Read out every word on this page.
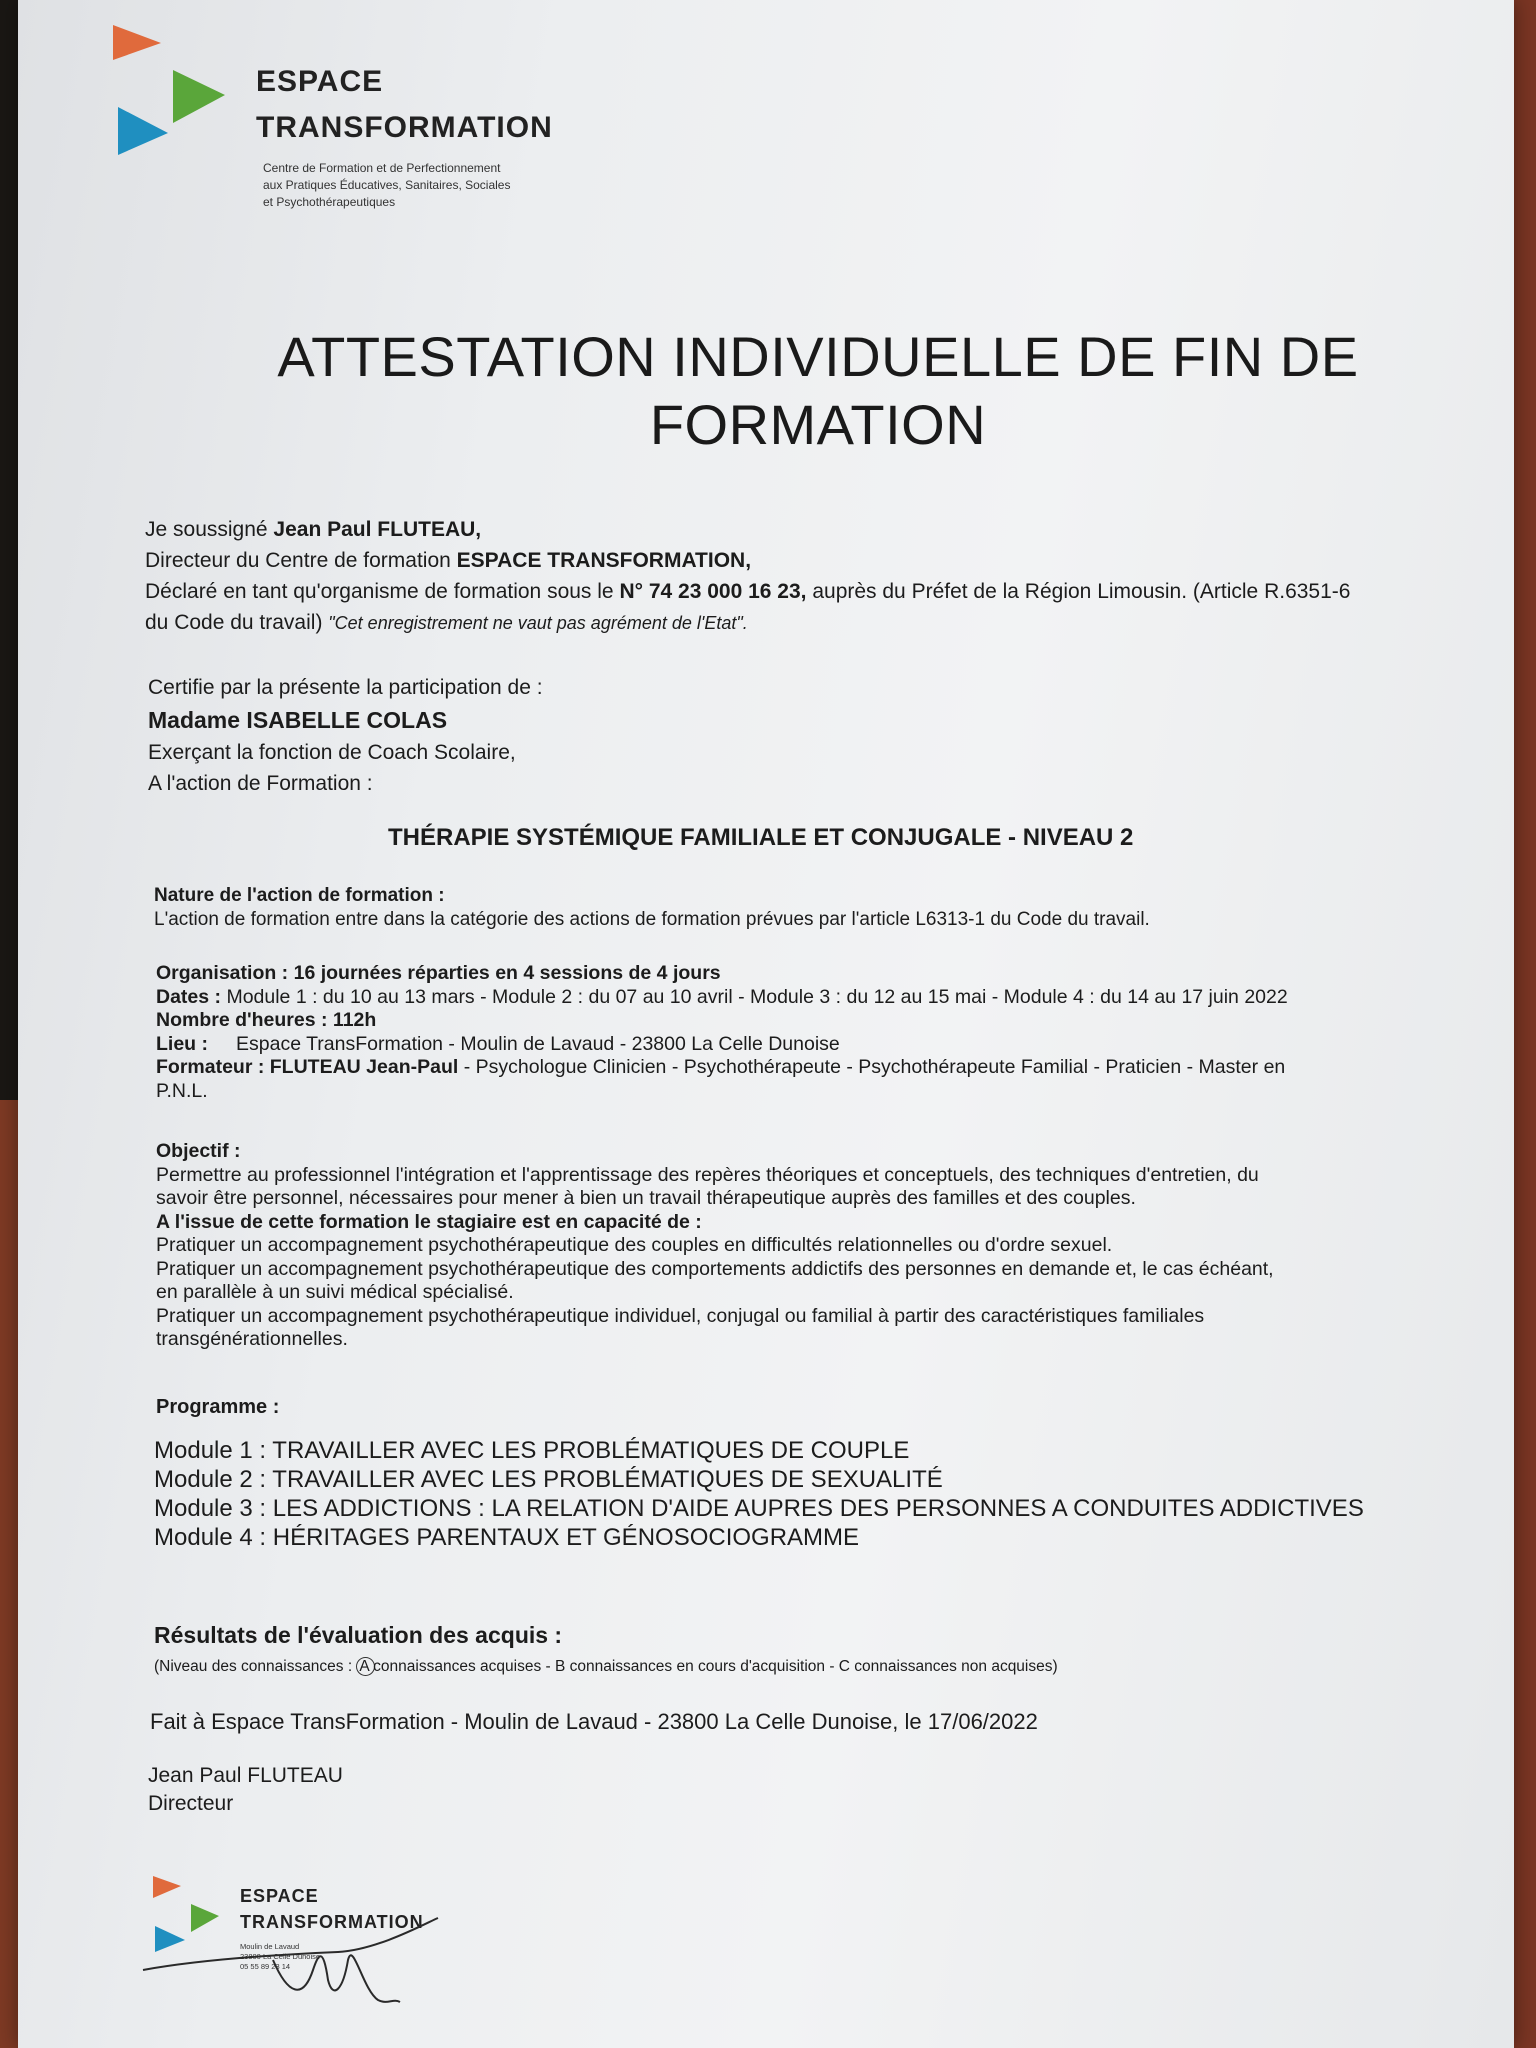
ESPACE
TRANSFORMATION
Centre de Formation et de Perfectionnement
aux Pratiques Éducatives, Sanitaires, Sociales
et Psychothérapeutiques
ATTESTATION INDIVIDUELLE DE FIN DE
FORMATION
Je soussigné Jean Paul FLUTEAU,
Directeur du Centre de formation ESPACE TRANSFORMATION,
Déclaré en tant qu'organisme de formation sous le N° 74 23 000 16 23, auprès du Préfet de la Région Limousin. (Article R.6351-6
du Code du travail) "Cet enregistrement ne vaut pas agrément de l'Etat".
Certifie par la présente la participation de :
Madame ISABELLE COLAS
Exerçant la fonction de Coach Scolaire,
A l'action de Formation :
THÉRAPIE SYSTÉMIQUE FAMILIALE ET CONJUGALE - NIVEAU 2
Nature de l'action de formation :
L'action de formation entre dans la catégorie des actions de formation prévues par l'article L6313-1 du Code du travail.
Organisation : 16 journées réparties en 4 sessions de 4 jours
Dates : Module 1 : du 10 au 13 mars - Module 2 : du 07 au 10 avril - Module 3 : du 12 au 15 mai - Module 4 : du 14 au 17 juin 2022
Nombre d'heures : 112h
Lieu : Espace TransFormation - Moulin de Lavaud - 23800 La Celle Dunoise
Formateur : FLUTEAU Jean-Paul - Psychologue Clinicien - Psychothérapeute - Psychothérapeute Familial - Praticien - Master en
P.N.L.
Objectif :
Permettre au professionnel l'intégration et l'apprentissage des repères théoriques et conceptuels, des techniques d'entretien, du
savoir être personnel, nécessaires pour mener à bien un travail thérapeutique auprès des familles et des couples.
A l'issue de cette formation le stagiaire est en capacité de :
Pratiquer un accompagnement psychothérapeutique des couples en difficultés relationnelles ou d'ordre sexuel.
Pratiquer un accompagnement psychothérapeutique des comportements addictifs des personnes en demande et, le cas échéant,
en parallèle à un suivi médical spécialisé.
Pratiquer un accompagnement psychothérapeutique individuel, conjugal ou familial à partir des caractéristiques familiales
transgénérationnelles.
Programme :
Module 1 : TRAVAILLER AVEC LES PROBLÉMATIQUES DE COUPLE
Module 2 : TRAVAILLER AVEC LES PROBLÉMATIQUES DE SEXUALITÉ
Module 3 : LES ADDICTIONS : LA RELATION D'AIDE AUPRES DES PERSONNES A CONDUITES ADDICTIVES
Module 4 : HÉRITAGES PARENTAUX ET GÉNOSOCIOGRAMME
Résultats de l'évaluation des acquis :
(Niveau des connaissances :    A connaissances acquises - B connaissances en cours d'acquisition - C connaissances non acquises)
Fait à Espace TransFormation - Moulin de Lavaud - 23800 La Celle Dunoise, le 17/06/2022
Jean Paul FLUTEAU
Directeur
ESPACE
TRANSFORMATION
Moulin de Lavaud
23800 La Celle Dunoise
05 55 89 23 14
